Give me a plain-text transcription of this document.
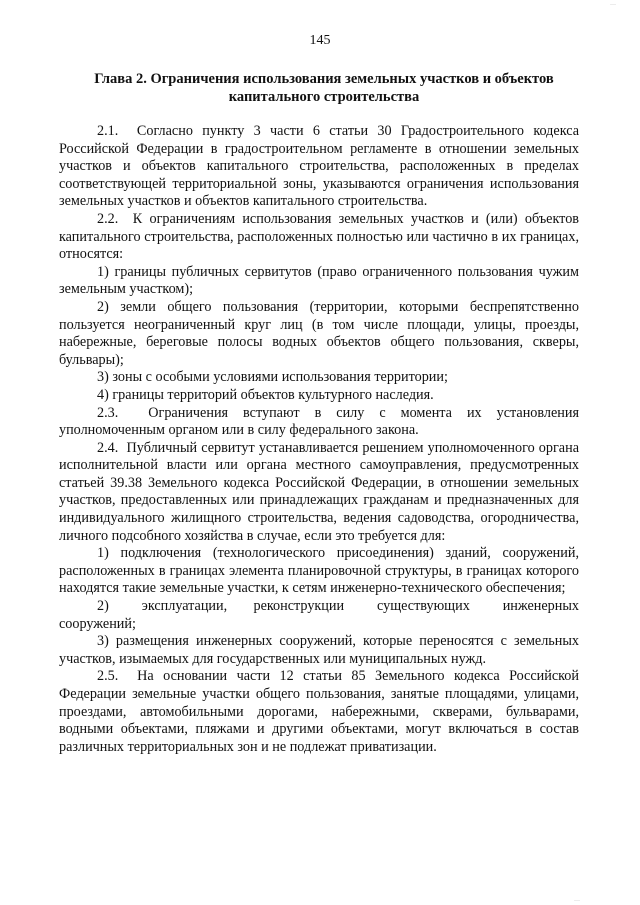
…
145
Глава 2. Ограничения использования земельных участков и объектов капитального строительства

2.1.  Согласно пункту 3 части 6 статьи 30 Градостроительного кодекса Российской Федерации в градостроительном регламенте в отношении земельных участков и объектов капитального строительства, расположенных в пределах соответствующей территориальной зоны, указываются ограничения использования земельных участков и объектов капитального строительства.

2.2.  К ограничениям использования земельных участков и (или) объектов капитального строительства, расположенных полностью или частично в их границах, относятся:

1) границы публичных сервитутов (право ограниченного пользования чужим земельным участком);

2) земли общего пользования (территории, которыми беспрепятственно пользуется неограниченный круг лиц (в том числе площади, улицы, проезды, набережные, береговые полосы водных объектов общего пользования, скверы, бульвары);

3) зоны с особыми условиями использования территории;

4) границы территорий объектов культурного наследия.

2.3.  Ограничения вступают в силу с момента их установления уполномоченным органом или в силу федерального закона.

2.4.  Публичный сервитут устанавливается решением уполномоченного органа исполнительной власти или органа местного самоуправления, предусмотренных статьей 39.38 Земельного кодекса Российской Федерации, в отношении земельных участков, предоставленных или принадлежащих гражданам и предназначенных для индивидуального жилищного строительства, ведения садоводства, огородничества, личного подсобного хозяйства в случае, если это требуется для:

1) подключения (технологического присоединения) зданий, сооружений, расположенных в границах элемента планировочной структуры, в границах которого находятся такие земельные участки, к сетям инженерно-технического обеспечения;

2)     эксплуатации,    реконструкции     существующих     инженерных сооружений;

3) размещения инженерных сооружений, которые переносятся с земельных участков, изымаемых для государственных или муниципальных нужд.

2.5.  На основании части 12 статьи 85 Земельного кодекса Российской Федерации земельные участки общего пользования, занятые площадями, улицами, проездами, автомобильными дорогами, набережными, скверами, бульварами, водными объектами, пляжами и другими объектами, могут включаться в состав различных территориальных зон и не подлежат приватизации.

…
